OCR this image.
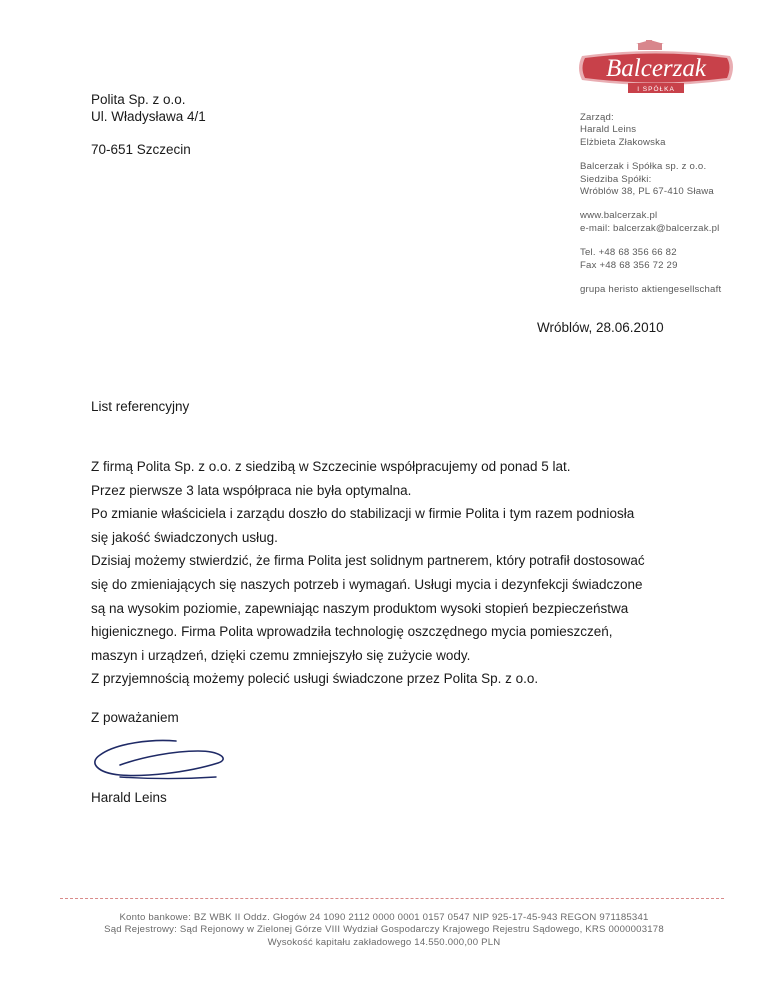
Balcerzak
I SPÓŁKA
Polita Sp. z o.o.
Ul. Władysława 4/1
70-651 Szczecin
Zarząd:
Harald Leins
Elżbieta Złakowska
Balcerzak i Spółka sp. z o.o.
Siedziba Spółki:
Wróblów 38, PL 67-410 Sława
www.balcerzak.pl
e-mail: balcerzak@balcerzak.pl
Tel. +48 68 356 66 82
Fax +48 68 356 72 29
grupa heristo aktiengesellschaft
Wróblów, 28.06.2010
List referencyjny

Z firmą Polita Sp. z o.o. z siedzibą w Szczecinie współpracujemy od ponad 5 lat.

Przez pierwsze 3 lata współpraca nie była optymalna.

Po zmianie właściciela i zarządu doszło do stabilizacji w firmie Polita i tym razem podniosła

się jakość świadczonych usług.

Dzisiaj możemy stwierdzić, że firma Polita jest solidnym partnerem, który potrafił dostosować

się do zmieniających się naszych potrzeb i wymagań. Usługi mycia i dezynfekcji świadczone

są na wysokim poziomie, zapewniając naszym produktom wysoki stopień bezpieczeństwa

higienicznego. Firma Polita wprowadziła technologię oszczędnego mycia pomieszczeń,

maszyn i urządzeń, dzięki czemu zmniejszyło się zużycie wody.

Z przyjemnością możemy polecić usługi świadczone przez Polita Sp. z o.o.

Z poważaniem
Harald Leins
Konto bankowe: BZ WBK II Oddz. Głogów 24 1090 2112 0000 0001 0157 0547 NIP 925-17-45-943 REGON 971185341
Sąd Rejestrowy: Sąd Rejonowy w Zielonej Górze VIII Wydział Gospodarczy Krajowego Rejestru Sądowego, KRS 0000003178
Wysokość kapitału zakładowego 14.550.000,00 PLN
